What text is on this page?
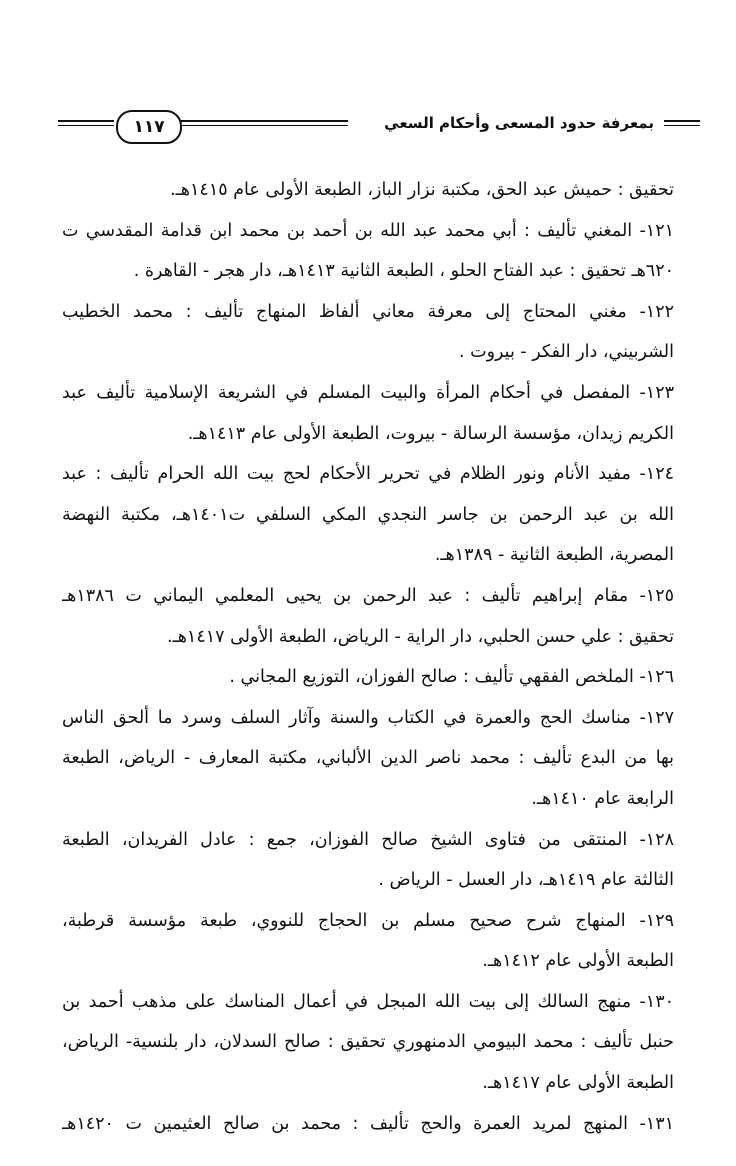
بمعرفة حدود المسعى وأحكام السعي
١١٧
تحقيق : حميش عبد الحق، مكتبة نزار الباز، الطبعة الأولى عام ١٤١٥هـ.
١٢١- المغني تأليف : أبي محمد عبد الله بن أحمد بن محمد ابن قدامة المقدسي ت
٦٢٠هـ تحقيق : عبد الفتاح الحلو ، الطبعة الثانية ١٤١٣هـ، دار هجر - القاهرة .
١٢٢- مغني المحتاج إلى معرفة معاني ألفاظ المنهاج تأليف : محمد الخطيب
الشربيني، دار الفكر - بيروت .
١٢٣- المفصل في أحكام المرأة والبيت المسلم في الشريعة الإسلامية تأليف عبد
الكريم زيدان، مؤسسة الرسالة - بيروت، الطبعة الأولى عام ١٤١٣هـ.
١٢٤- مفيد الأنام ونور الظلام في تحرير الأحكام لحج بيت الله الحرام تأليف : عبد
الله بن عبد الرحمن بن جاسر النجدي المكي السلفي ت١٤٠١هـ، مكتبة النهضة
المصرية، الطبعة الثانية - ١٣٨٩هـ.
١٢٥- مقام إبراهيم تأليف : عبد الرحمن بن يحيى المعلمي اليماني ت ١٣٨٦هـ
تحقيق : علي حسن الحلبي، دار الراية - الرياض، الطبعة الأولى ١٤١٧هـ.
١٢٦- الملخص الفقهي تأليف : صالح الفوزان، التوزيع المجاني .
١٢٧- مناسك الحج والعمرة في الكتاب والسنة وآثار السلف وسرد ما ألحق الناس
بها من البدع تأليف : محمد ناصر الدين الألباني، مكتبة المعارف - الرياض، الطبعة
الرابعة عام ١٤١٠هـ.
١٢٨- المنتقى من فتاوى الشيخ صالح الفوزان، جمع : عادل الفريدان، الطبعة
الثالثة عام ١٤١٩هـ، دار العسل - الرياض .
١٢٩- المنهاج شرح صحيح مسلم بن الحجاج للنووي، طبعة مؤسسة قرطبة،
الطبعة الأولى عام ١٤١٢هـ.
١٣٠- منهج السالك إلى بيت الله المبجل في أعمال المناسك على مذهب أحمد بن
حنبل تأليف : محمد البيومي الدمنهوري تحقيق : صالح السدلان، دار بلنسية- الرياض،
الطبعة الأولى عام ١٤١٧هـ.
١٣١- المنهج لمريد العمرة والحج تأليف : محمد بن صالح العثيمين ت ١٤٢٠هـ
